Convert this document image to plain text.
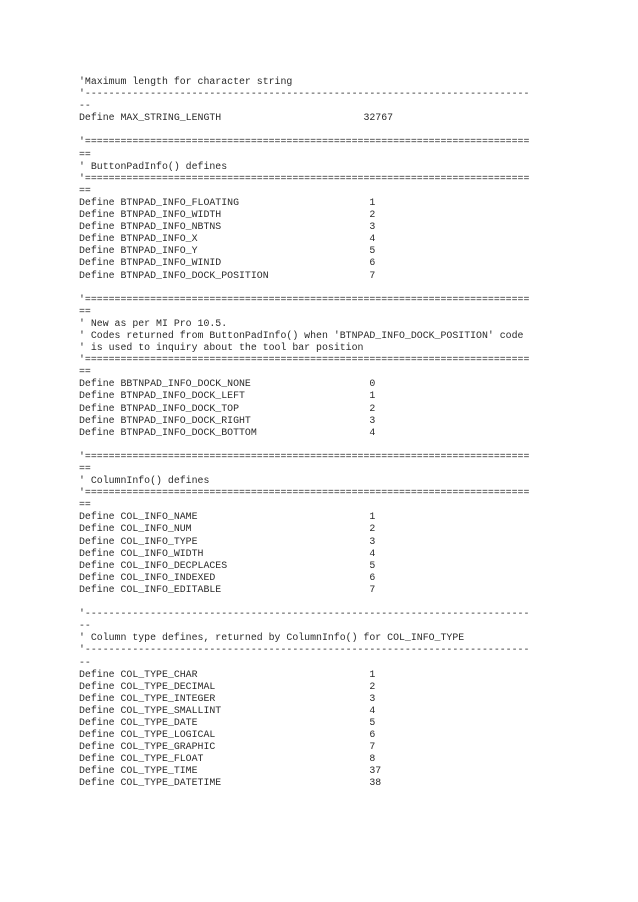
'Maximum length for character string
'---------------------------------------------------------------------------
--
Define MAX_STRING_LENGTH                        32767
'===========================================================================
==
' ButtonPadInfo() defines
'===========================================================================
==
Define BTNPAD_INFO_FLOATING                      1
Define BTNPAD_INFO_WIDTH                         2
Define BTNPAD_INFO_NBTNS                         3
Define BTNPAD_INFO_X                             4
Define BTNPAD_INFO_Y                             5
Define BTNPAD_INFO_WINID                         6
Define BTNPAD_INFO_DOCK_POSITION                 7
'===========================================================================
==
' New as per MI Pro 10.5.
' Codes returned from ButtonPadInfo() when 'BTNPAD_INFO_DOCK_POSITION' code
' is used to inquiry about the tool bar position
'===========================================================================
==
Define BBTNPAD_INFO_DOCK_NONE                    0
Define BTNPAD_INFO_DOCK_LEFT                     1
Define BTNPAD_INFO_DOCK_TOP                      2
Define BTNPAD_INFO_DOCK_RIGHT                    3
Define BTNPAD_INFO_DOCK_BOTTOM                   4
'===========================================================================
==
' ColumnInfo() defines
'===========================================================================
==
Define COL_INFO_NAME                             1
Define COL_INFO_NUM                              2
Define COL_INFO_TYPE                             3
Define COL_INFO_WIDTH                            4
Define COL_INFO_DECPLACES                        5
Define COL_INFO_INDEXED                          6
Define COL_INFO_EDITABLE                         7
'---------------------------------------------------------------------------
--
' Column type defines, returned by ColumnInfo() for COL_INFO_TYPE
'---------------------------------------------------------------------------
--
Define COL_TYPE_CHAR                             1
Define COL_TYPE_DECIMAL                          2
Define COL_TYPE_INTEGER                          3
Define COL_TYPE_SMALLINT                         4
Define COL_TYPE_DATE                             5
Define COL_TYPE_LOGICAL                          6
Define COL_TYPE_GRAPHIC                          7
Define COL_TYPE_FLOAT                            8
Define COL_TYPE_TIME                             37
Define COL_TYPE_DATETIME                         38
